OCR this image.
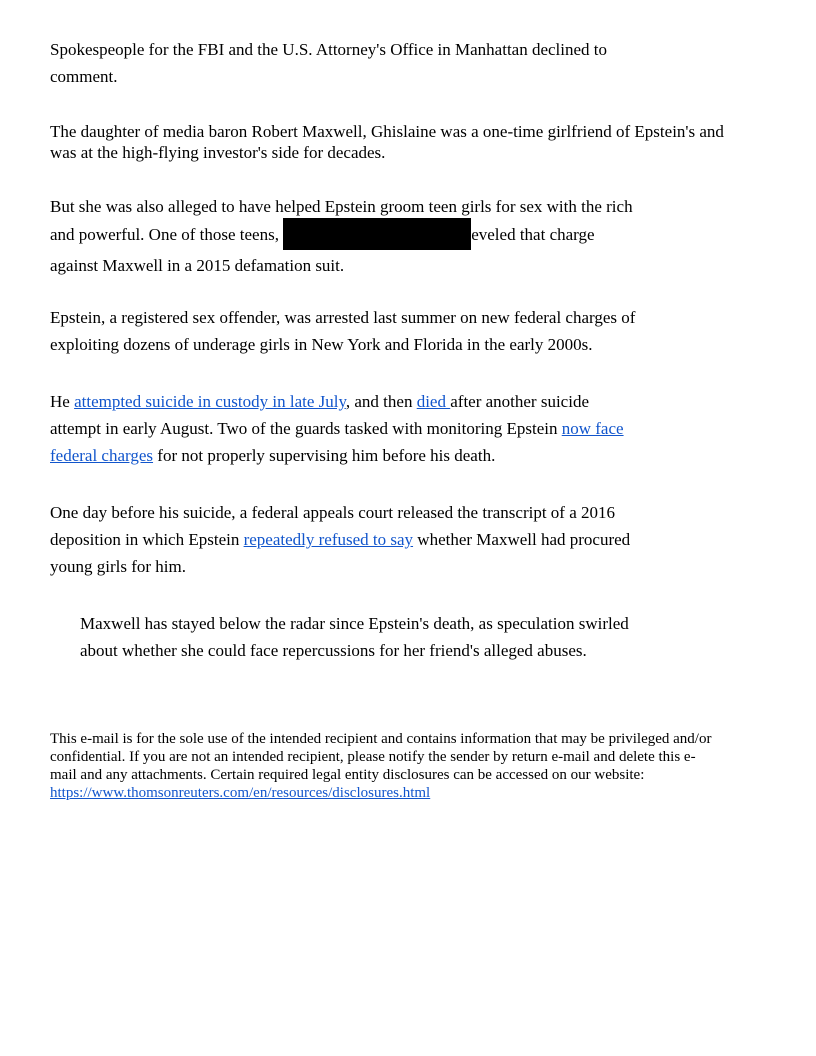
Spokespeople for the FBI and the U.S. Attorney's Office in Manhattan declined to
comment.

The daughter of media baron Robert Maxwell, Ghislaine was a one-time girlfriend of Epstein's and
was at the high-flying investor's side for decades.

But she was also alleged to have helped Epstein groom teen girls for sex with the rich
and powerful. One of those teens,	eveled that charge
against Maxwell in a 2015 defamation suit.

Epstein, a registered sex offender, was arrested last summer on new federal charges of
exploiting dozens of underage girls in New York and Florida in the early 2000s.

He attempted suicide in custody in late July, and then died after another suicide
attempt in early August. Two of the guards tasked with monitoring Epstein now face
federal charges for not properly supervising him before his death.

One day before his suicide, a federal appeals court released the transcript of a 2016
deposition in which Epstein repeatedly refused to say whether Maxwell had procured
young girls for him.

Maxwell has stayed below the radar since Epstein's death, as speculation swirled
about whether she could face repercussions for her friend's alleged abuses.

This e-mail is for the sole use of the intended recipient and contains information that may be privileged and/or
confidential. If you are not an intended recipient, please notify the sender by return e-mail and delete this e-
mail and any attachments. Certain required legal entity disclosures can be accessed on our website:
https://www.thomsonreuters.com/en/resources/disclosures.html
